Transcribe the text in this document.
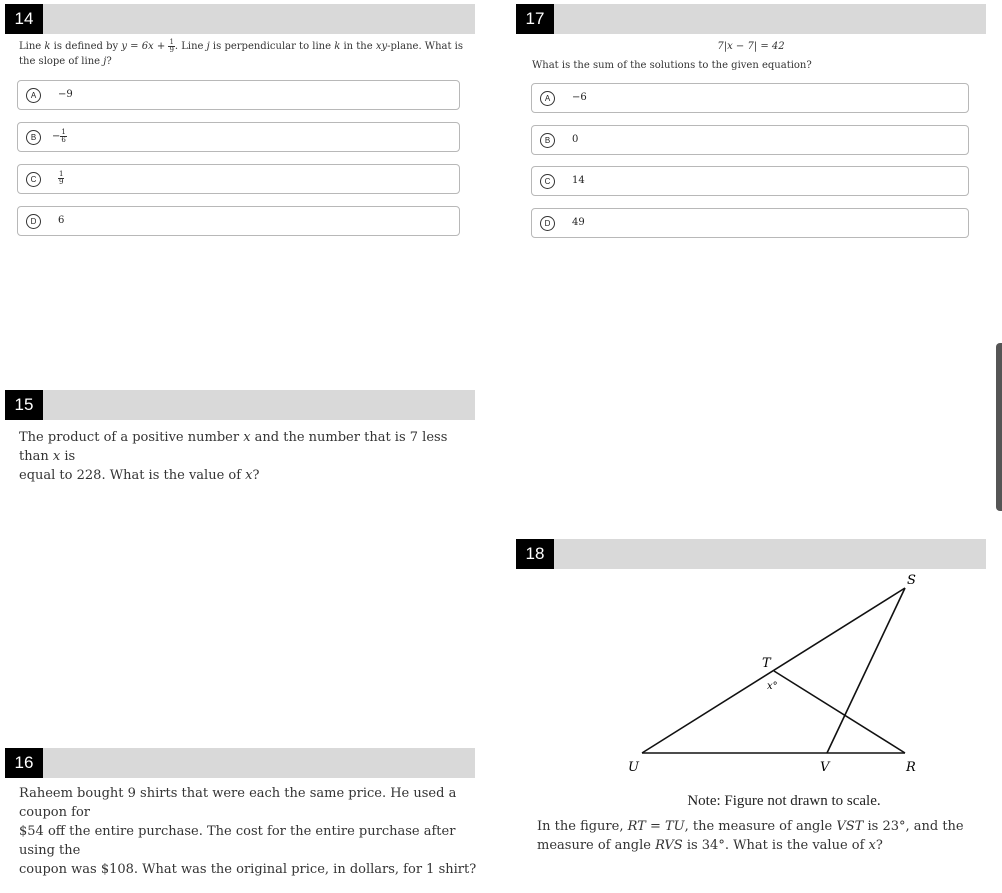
14
Line k is defined by $y = 6x + \frac{1}{9}$ . Line j is perpendicular to line k in the xy-plane. What is
the slope of line j?
A	−9
B	− $\frac{1}{6}$
C	$\frac{1}{9}$
D	6
15
The product of a positive number x and the number that is 7 less than x is
equal to 228. What is the value of x?
16
Raheem bought 9 shirts that were each the same price. He used a coupon for
$54 off the entire purchase. The cost for the entire purchase after using the
coupon was $108. What was the original price, in dollars, for 1 shirt?
17
7|x − 7| = 42
What is the sum of the solutions to the given equation?
A	−6
B	0
C	14
D	49
18
S
T
x°
U	V	R
Note: Figure not drawn to scale.
In the figure, RT = TU, the measure of angle VST is 23°, and the
measure of angle RVS is 34°. What is the value of x?
